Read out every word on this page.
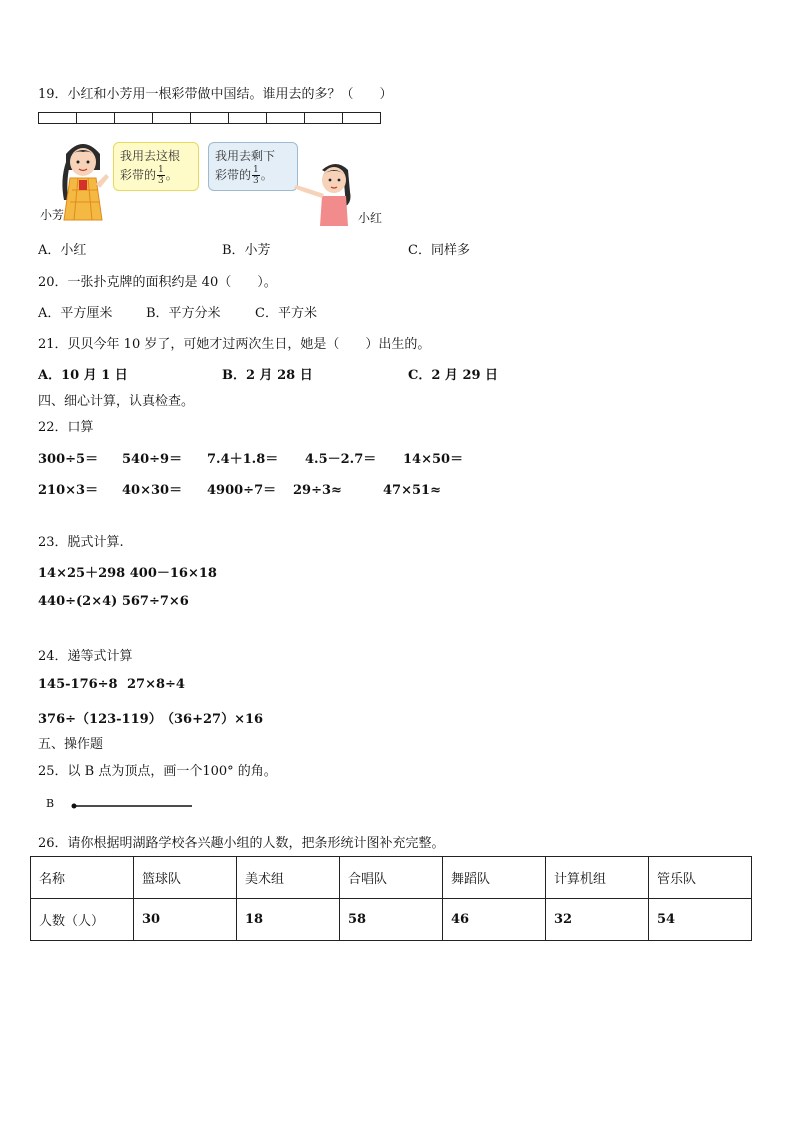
19．小红和小芳用一根彩带做中国结。谁用去的多？（　　）
我用去这根
彩带的 $\frac{1}{3}$ 。
我用去剩下
彩带的 $\frac{1}{3}$ 。
小芳	小红
A．小红	B．小芳	C．同样多
20．一张扑克牌的面积约是 40（　　）。
A．平方厘米	B．平方分米	C．平方米
21．贝贝今年 10 岁了，可她才过两次生日，她是（　　）出生的。
A．10 月 1 日	B．2 月 28 日	C．2 月 29 日
四、细心计算，认真检查。
22．口算
300÷5＝ 540÷9＝ 7.4＋1.8＝ 4.5－2.7＝ 14×50＝
210×3＝ 40×30＝ 4900÷7＝ 29÷3≈	47×51≈
23．脱式计算.
14×25＋298 400－16×18
440÷(2×4) 567÷7×6
24．递等式计算
145-176÷8 27×8÷4
376÷（123-119）（36+27）×16
五、操作题
25．以 B 点为顶点，画一个100° 的角。
B
26．请你根据明湖路学校各兴趣小组的人数，把条形统计图补充完整。
名称	篮球队	美术组	合唱队	舞蹈队	计算机组	管乐队
人数（人）	30	18	58	46	32	54
